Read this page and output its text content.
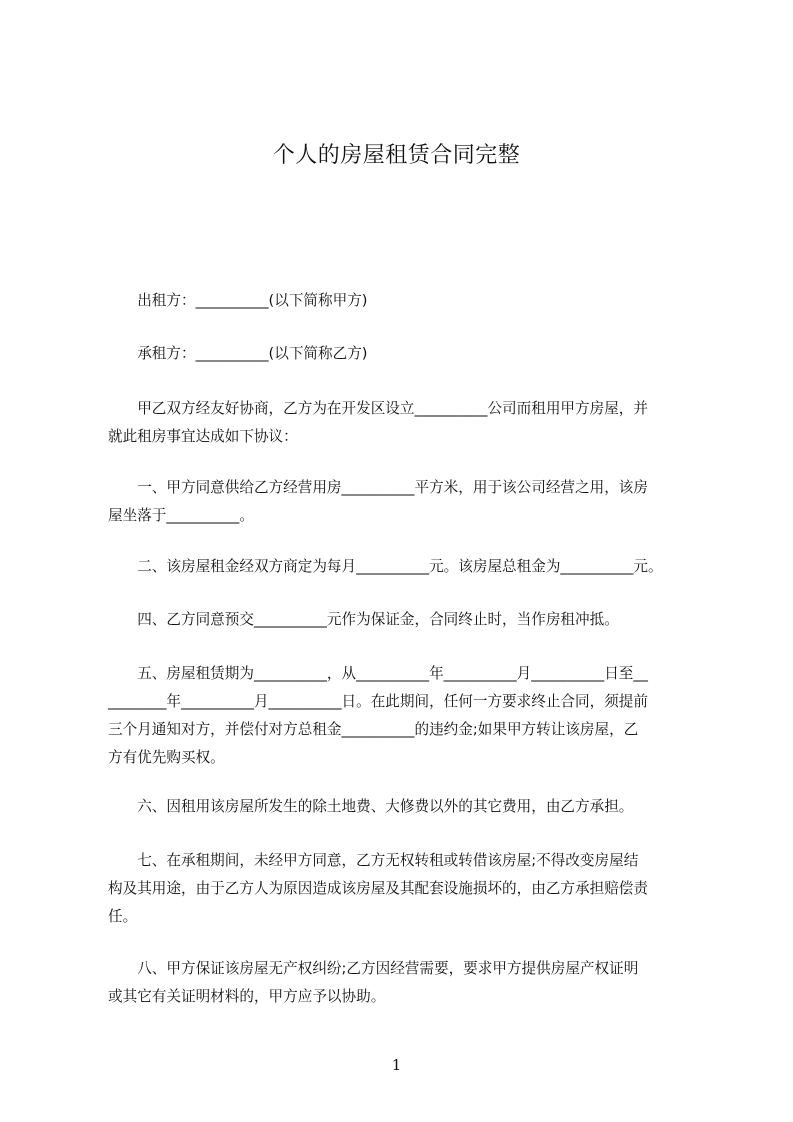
个人的房屋租赁合同完整

　　出租方：__________(以下简称甲方)

　　承租方：__________(以下简称乙方)

　　甲乙双方经友好协商，乙方为在开发区设立__________公司而租用甲方房屋，并
就此租房事宜达成如下协议：

　　一、甲方同意供给乙方经营用房__________平方米，用于该公司经营之用，该房
屋坐落于__________。

　　二、该房屋租金经双方商定为每月__________元。该房屋总租金为__________元。

　　四、乙方同意预交__________元作为保证金，合同终止时，当作房租冲抵。

　　五、房屋租赁期为__________，从__________年__________月__________日至__
________年__________月__________日。在此期间，任何一方要求终止合同，须提前
三个月通知对方，并偿付对方总租金__________的违约金;如果甲方转让该房屋，乙
方有优先购买权。

　　六、因租用该房屋所发生的除土地费、大修费以外的其它费用，由乙方承担。

　　七、在承租期间，未经甲方同意，乙方无权转租或转借该房屋;不得改变房屋结
构及其用途，由于乙方人为原因造成该房屋及其配套设施损坏的，由乙方承担赔偿责
任。

　　八、甲方保证该房屋无产权纠纷;乙方因经营需要，要求甲方提供房屋产权证明
或其它有关证明材料的，甲方应予以协助。

1
